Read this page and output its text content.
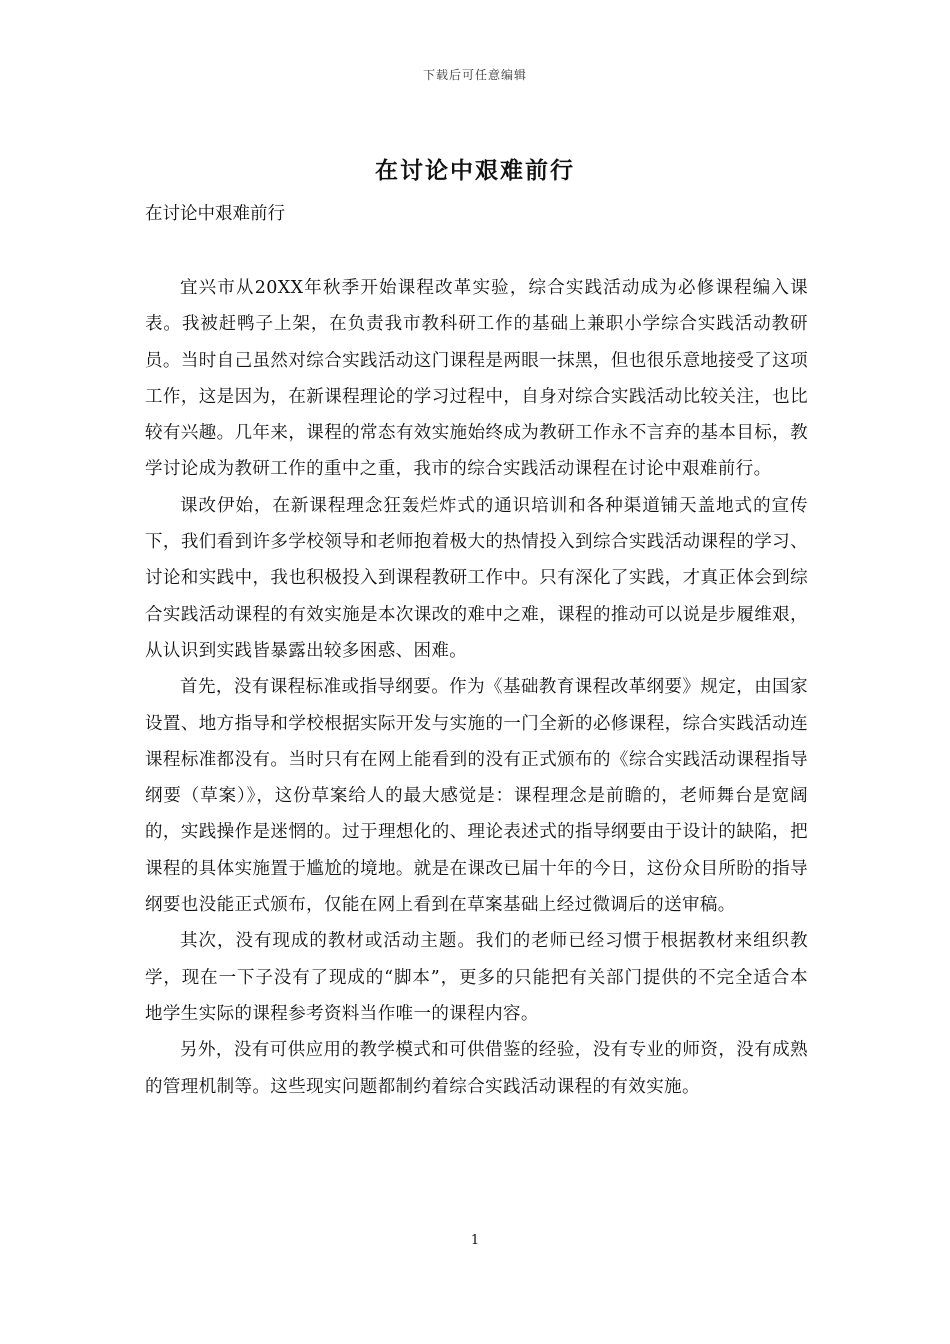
下载后可任意编辑
在讨论中艰难前行

在讨论中艰难前行

宜兴市从20XX年秋季开始课程改革实验，综合实践活动成为必修课程编入课表。我被赶鸭子上架，在负责我市教科研工作的基础上兼职小学综合实践活动教研员。当时自己虽然对综合实践活动这门课程是两眼一抹黑，但也很乐意地接受了这项工作，这是因为，在新课程理论的学习过程中，自身对综合实践活动比较关注，也比较有兴趣。几年来，课程的常态有效实施始终成为教研工作永不言弃的基本目标，教学讨论成为教研工作的重中之重，我市的综合实践活动课程在讨论中艰难前行。

课改伊始，在新课程理念狂轰烂炸式的通识培训和各种渠道铺天盖地式的宣传下，我们看到许多学校领导和老师抱着极大的热情投入到综合实践活动课程的学习、讨论和实践中，我也积极投入到课程教研工作中。只有深化了实践，才真正体会到综合实践活动课程的有效实施是本次课改的难中之难，课程的推动可以说是步履维艰，从认识到实践皆暴露出较多困惑、困难。

首先，没有课程标准或指导纲要。作为《基础教育课程改革纲要》规定，由国家设置、地方指导和学校根据实际开发与实施的一门全新的必修课程，综合实践活动连课程标准都没有。当时只有在网上能看到的没有正式颁布的《综合实践活动课程指导纲要（草案）》，这份草案给人的最大感觉是：课程理念是前瞻的，老师舞台是宽阔的，实践操作是迷惘的。过于理想化的、理论表述式的指导纲要由于设计的缺陷，把课程的具体实施置于尴尬的境地。就是在课改已届十年的今日，这份众目所盼的指导纲要也没能正式颁布，仅能在网上看到在草案基础上经过微调后的送审稿。

其次，没有现成的教材或活动主题。我们的老师已经习惯于根据教材来组织教学，现在一下子没有了现成的“脚本”，更多的只能把有关部门提供的不完全适合本地学生实际的课程参考资料当作唯一的课程内容。

另外，没有可供应用的教学模式和可供借鉴的经验，没有专业的师资，没有成熟的管理机制等。这些现实问题都制约着综合实践活动课程的有效实施。

1
